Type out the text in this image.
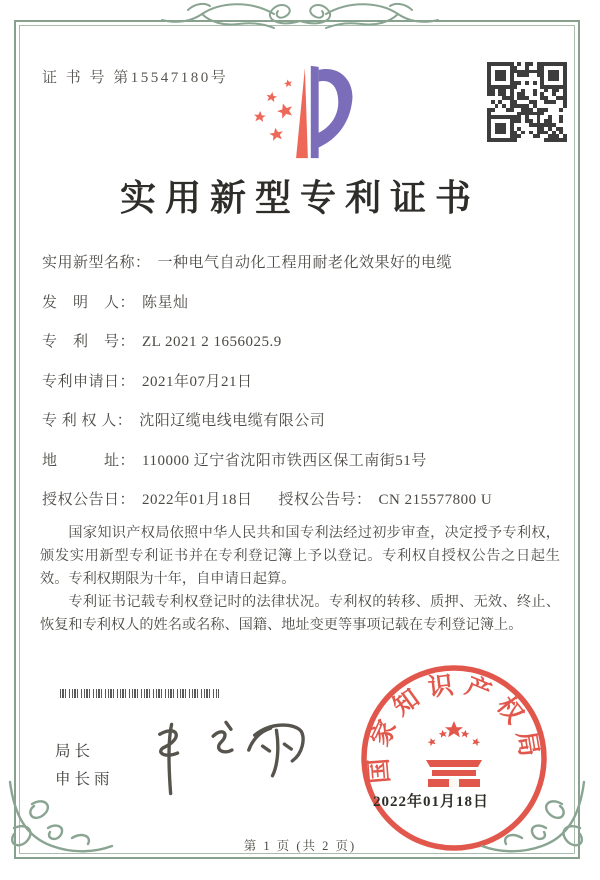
证 书 号 第15547180号
实用新型专利证书
实用新型名称： 一种电气自动化工程用耐老化效果好的电缆
发　明　人： 陈星灿
专　利　号： ZL 2021 2 1656025.9
专利申请日： 2021年07月21日
专 利 权 人： 沈阳辽缆电线电缆有限公司
地　　　址： 110000 辽宁省沈阳市铁西区保工南街51号
授权公告日： 2022年01月18日 授权公告号： CN 215577800 U

国家知识产权局依照中华人民共和国专利法经过初步审查，决定授予专利权，颁发实用新型专利证书并在专利登记簿上予以登记。专利权自授权公告之日起生效。专利权期限为十年，自申请日起算。

专利证书记载专利权登记时的法律状况。专利权的转移、质押、无效、终止、恢复和专利权人的姓名或名称、国籍、地址变更等事项记载在专利登记簿上。

局长
申长雨	国家知识产权局
2022年01月18日
第 1 页 (共 2 页)
